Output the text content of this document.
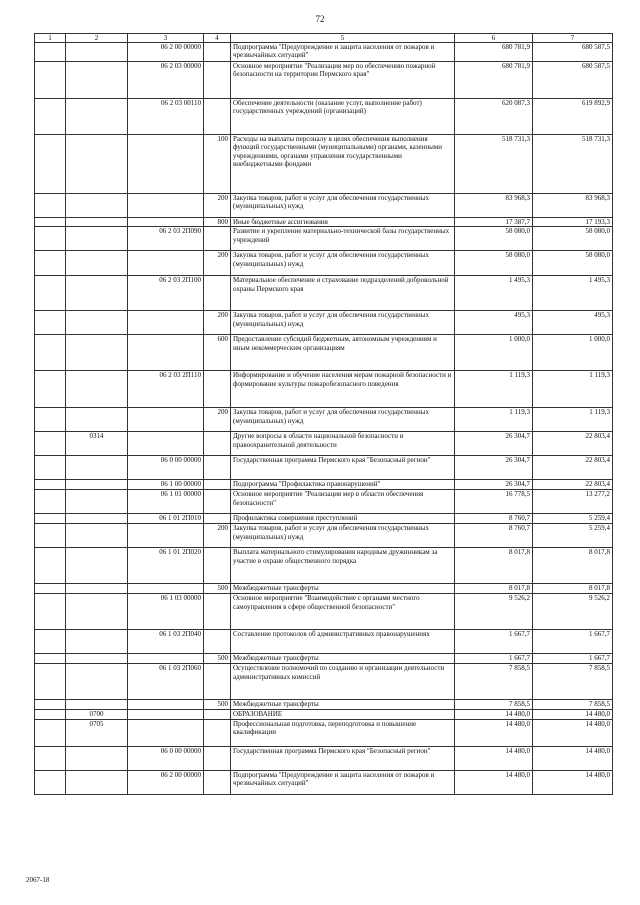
72
1	2	3	4	5	6	7
		06 2 00 00000		Подпрограмма "Предупреждение и защита населения от пожаров и чрезвычайных ситуаций"	680 781,9	680 587,5
		06 2 03 00000		Основное мероприятие "Реализация мер по обеспечению пожарной безопасности на территории Пермского края"	680 781,9	680 587,5
		06 2 03 00110		Обеспечение деятельности (оказание услуг, выполнение работ) государственных учреждений (организаций)	620 087,3	619 892,9
			100	Расходы на выплаты персоналу в целях обеспечения выполнения функций государственными (муниципальными) органами, казенными учреждениями, органами управления государственными внебюджетными фондами	518 731,3	518 731,3
			200	Закупка товаров, работ и услуг для обеспечения государственных (муниципальных) нужд	83 968,3	83 968,3
			800	Иные бюджетные ассигнования	17 387,7	17 193,3
		06 2 03 2П090		Развитие и укрепление материально-технической базы государственных учреждений	58 080,0	58 080,0
			200	Закупка товаров, работ и услуг для обеспечения государственных (муниципальных) нужд	58 080,0	58 080,0
		06 2 03 2П100		Материальное обеспечение и страхование подразделений добровольной охраны Пермского края	1 495,3	1 495,3
			200	Закупка товаров, работ и услуг для обеспечения государственных (муниципальных) нужд	495,3	495,3
			600	Предоставление субсидий бюджетным, автономным учреждениям и иным некоммерческим организациям	1 000,0	1 000,0
		06 2 03 2П110		Информирование и обучение населения мерам пожарной безопасности и формирование культуры пожаробезопасного поведения	1 119,3	1 119,3
			200	Закупка товаров, работ и услуг для обеспечения государственных (муниципальных) нужд	1 119,3	1 119,3
	0314			Другие вопросы в области национальной безопасности и правоохранительной деятельности	26 304,7	22 803,4
		06 0 00 00000		Государственная программа Пермского края "Безопасный регион"	26 304,7	22 803,4
		06 1 00 00000		Подпрограмма "Профилактика правонарушений"	26 304,7	22 803,4
		06 1 01 00000		Основное мероприятие "Реализация мер в области обеспечения безопасности"	16 778,5	13 277,2
		06 1 01 2П010		Профилактика совершения преступлений	8 760,7	5 259,4
			200	Закупка товаров, работ и услуг для обеспечения государственных (муниципальных) нужд	8 760,7	5 259,4
		06 1 01 2П020		Выплата материального стимулирования народным дружинникам за участие в охране общественного порядка	8 017,8	8 017,8
			500	Межбюджетные трансферты	8 017,8	8 017,8
		06 1 03 00000		Основное мероприятие "Взаимодействие с органами местного самоуправления в сфере общественной безопасности"	9 526,2	9 526,2
		06 1 03 2П040		Составление протоколов об административных правонарушениях	1 667,7	1 667,7
			500	Межбюджетные трансферты	1 667,7	1 667,7
		06 1 03 2П060		Осуществление полномочий по созданию и организации деятельности административных комиссий	7 858,5	7 858,5
			500	Межбюджетные трансферты	7 858,5	7 858,5
	0700			ОБРАЗОВАНИЕ	14 480,0	14 480,0
	0705			Профессиональная подготовка, переподготовка и повышение квалификации	14 480,0	14 480,0
		06 0 00 00000		Государственная программа Пермского края "Безопасный регион"	14 480,0	14 480,0
		06 2 00 00000		Подпрограмма "Предупреждение и защита населения от пожаров и чрезвычайных ситуаций"	14 480,0	14 480,0
2067-18
